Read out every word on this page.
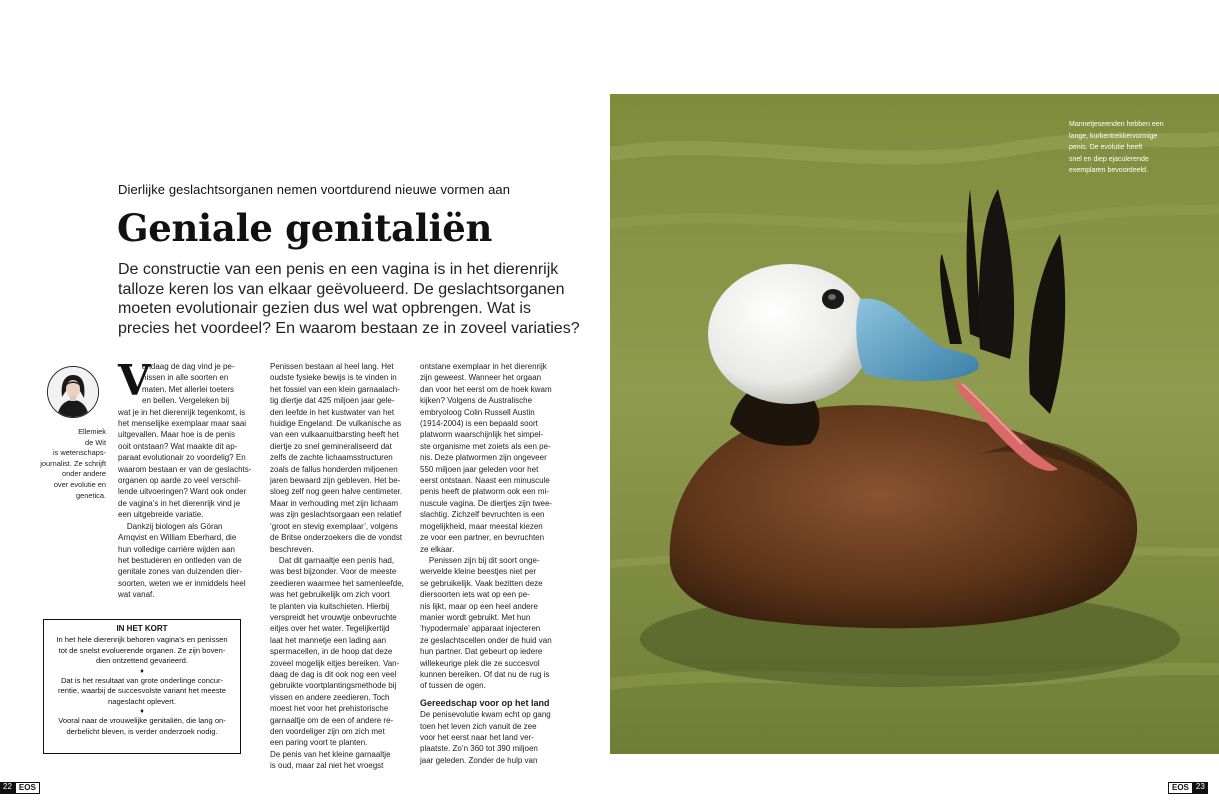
Dierlijke geslachtsorganen nemen voortdurend nieuwe vormen aan
Geniale genitaliën
De constructie van een penis en een vagina is in het dierenrijk
talloze keren los van elkaar geëvolueerd. De geslachtsorganen
moeten evolutionair gezien dus wel wat opbrengen. Wat is
precies het voordeel? En waarom bestaan ze in zoveel variaties?
Ellemiek
de Wit
is wetenschaps-
journalist. Ze schrijft
onder andere
over evolutie en
genetica.
V
andaag de dag vind je pe-
nissen in alle soorten en
maten. Met allerlei toeters
en bellen. Vergeleken bij
wat je in het dierenrijk tegenkomt, is
het menselijke exemplaar maar saai
uitgevallen. Maar hoe is de penis
ooit ontstaan? Wat maakte dit ap-
paraat evolutionair zo voordelig? En
waarom bestaan er van de geslachts-
organen op aarde zo veel verschil-
lende uitvoeringen? Want ook onder
de vagina’s in het dierenrijk vind je
een uitgebreide variatie.
Dankzij biologen als Göran
Arnqvist en William Eberhard, die
hun volledige carrière wijden aan
het bestuderen en ontleden van de
genitale zones van duizenden dier-
soorten, weten we er inmiddels heel
wat vanaf.
Penissen bestaan al heel lang. Het
oudste fysieke bewijs is te vinden in
het fossiel van een klein garnaalach-
tig diertje dat 425 miljoen jaar gele-
den leefde in het kustwater van het
huidige Engeland. De vulkanische as
van een vulkaanuitbarsting heeft het
diertje zo snel gemineraliseerd dat
zelfs de zachte lichaamsstructuren
zoals de fallus honderden miljoenen
jaren bewaard zijn gebleven. Het be-
sloeg zelf nog geen halve centimeter.
Maar in verhouding met zijn lichaam
was zijn geslachtsorgaan een relatief
‘groot en stevig exemplaar’, volgens
de Britse onderzoekers die de vondst
beschreven.
Dat dit garnaaltje een penis had,
was best bijzonder. Voor de meeste
zeedieren waarmee het samenleefde,
was het gebruikelijk om zich voort
te planten via kuitschieten. Hierbij
verspreidt het vrouwtje onbevruchte
eitjes over het water. Tegelijkertijd
laat het mannetje een lading aan
spermacellen, in de hoop dat deze
zoveel mogelijk eitjes bereiken. Van-
daag de dag is dit ook nog een veel
gebruikte voortplantingsmethode bij
vissen en andere zeedieren. Toch
moest het voor het prehistorische
garnaaltje om de een of andere re-
den voordeliger zijn om zich met
een paring voort te planten.
De penis van het kleine garnaaltje
is oud, maar zal niet het vroegst
ontstane exemplaar in het dierenrijk
zijn geweest. Wanneer het orgaan
dan voor het eerst om de hoek kwam
kijken? Volgens de Australische
embryoloog Colin Russell Austin
(1914-2004) is een bepaald soort
platworm waarschijnlijk het simpel-
ste organisme met zoiets als een pe-
nis. Deze platwormen zijn ongeveer
550 miljoen jaar geleden voor het
eerst ontstaan. Naast een minuscule
penis heeft de platworm ook een mi-
nuscule vagina. De diertjes zijn twee-
slachtig. Zichzelf bevruchten is een
mogelijkheid, maar meestal kiezen
ze voor een partner, en bevruchten
ze elkaar.
Penissen zijn bij dit soort onge-
wervelde kleine beestjes niet per
se gebruikelijk. Vaak bezitten deze
diersoorten iets wat op een pe-
nis lijkt, maar op een heel andere
manier wordt gebruikt. Met hun
‘hypodermale’ apparaat injecteren
ze geslachtscellen onder de huid van
hun partner. Dat gebeurt op iedere
willekeurige plek die ze succesvol
kunnen bereiken. Of dat nu de rug is
of tussen de ogen.
Gereedschap voor op het land
De penisevolutie kwam echt op gang
toen het leven zich vanuit de zee
voor het eerst naar het land ver-
plaatste. Zo’n 360 tot 390 miljoen
jaar geleden. Zonder de hulp van
IN HET KORT
In het hele dierenrijk behoren vagina’s en penissen
tot de snelst evoluerende organen. Ze zijn boven-
dien ontzettend gevarieerd.
♦
Dat is het resultaat van grote onderlinge concur-
rentie, waarbij de succesvolste variant het meeste
nageslacht oplevert.
♦
Vooral naar de vrouwelijke genitaliën, die lang on-
derbelicht bleven, is verder onderzoek nodig.
Mannetjeseenden hebben een
lange, kurkentrekkervormige
penis. De evolutie heeft
snel en diep ejaculerende
exemplaren bevoordeeld.
22 EOS	EOS 23
